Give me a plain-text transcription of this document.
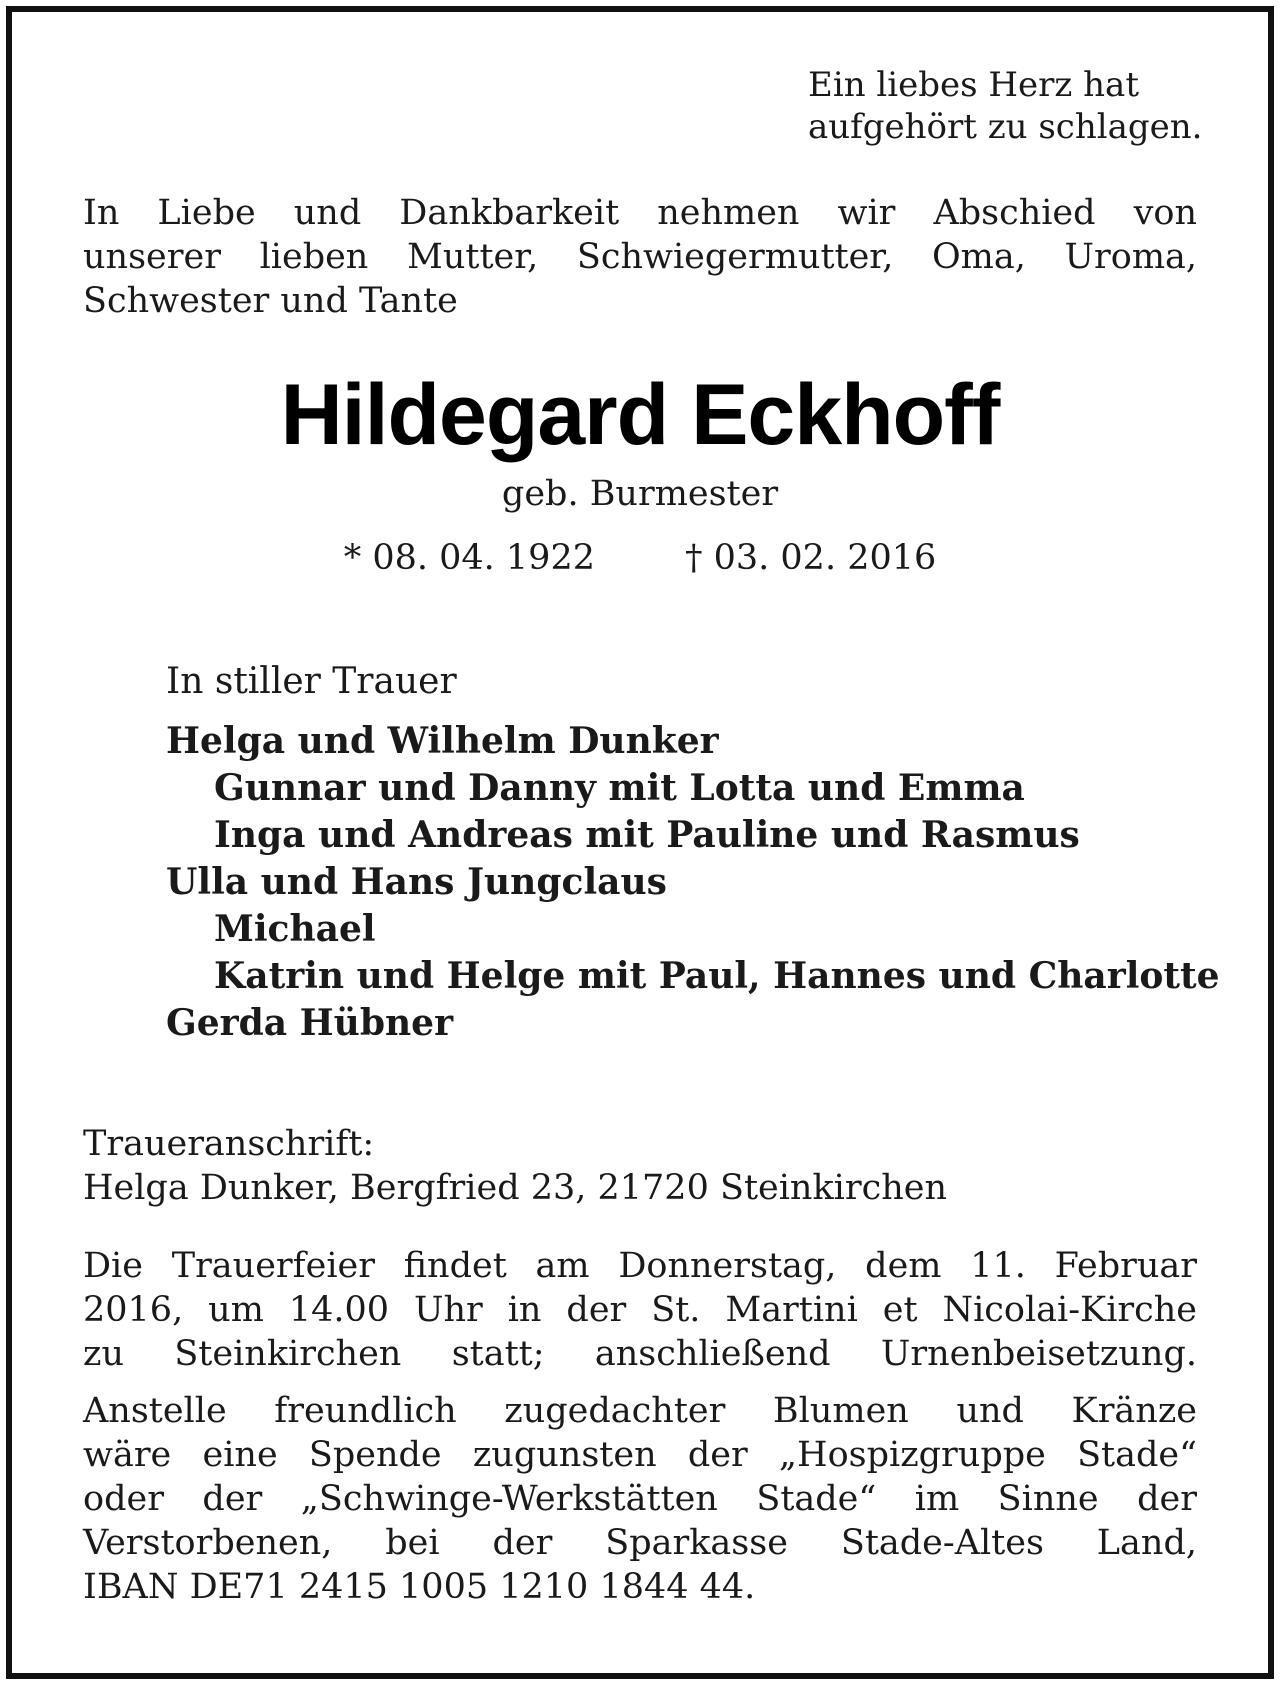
Ein liebes Herz hat
aufgehört zu schlagen.
In Liebe und Dankbarkeit nehmen wir Abschied von
unserer lieben Mutter, Schwiegermutter, Oma, Uroma,
Schwester und Tante
Hildegard Eckhoff
geb. Burmester
* 08. 04. 1922	† 03. 02. 2016
In stiller Trauer
Helga und Wilhelm Dunker
Gunnar und Danny mit Lotta und Emma
Inga und Andreas mit Pauline und Rasmus
Ulla und Hans Jungclaus
Michael
Katrin und Helge mit Paul, Hannes und Charlotte
Gerda Hübner
Traueranschrift:
Helga Dunker, Bergfried 23, 21720 Steinkirchen
Die Trauerfeier findet am Donnerstag, dem 11. Februar
2016, um 14.00 Uhr in der St. Martini et Nicolai-Kirche
zu Steinkirchen statt; anschließend Urnenbeisetzung.
Anstelle freundlich zugedachter Blumen und Kränze
wäre eine Spende zugunsten der „Hospizgruppe Stade“
oder der „Schwinge-Werkstätten Stade“ im Sinne der
Verstorbenen, bei der Sparkasse Stade-Altes Land,
IBAN DE71 2415 1005 1210 1844 44.
